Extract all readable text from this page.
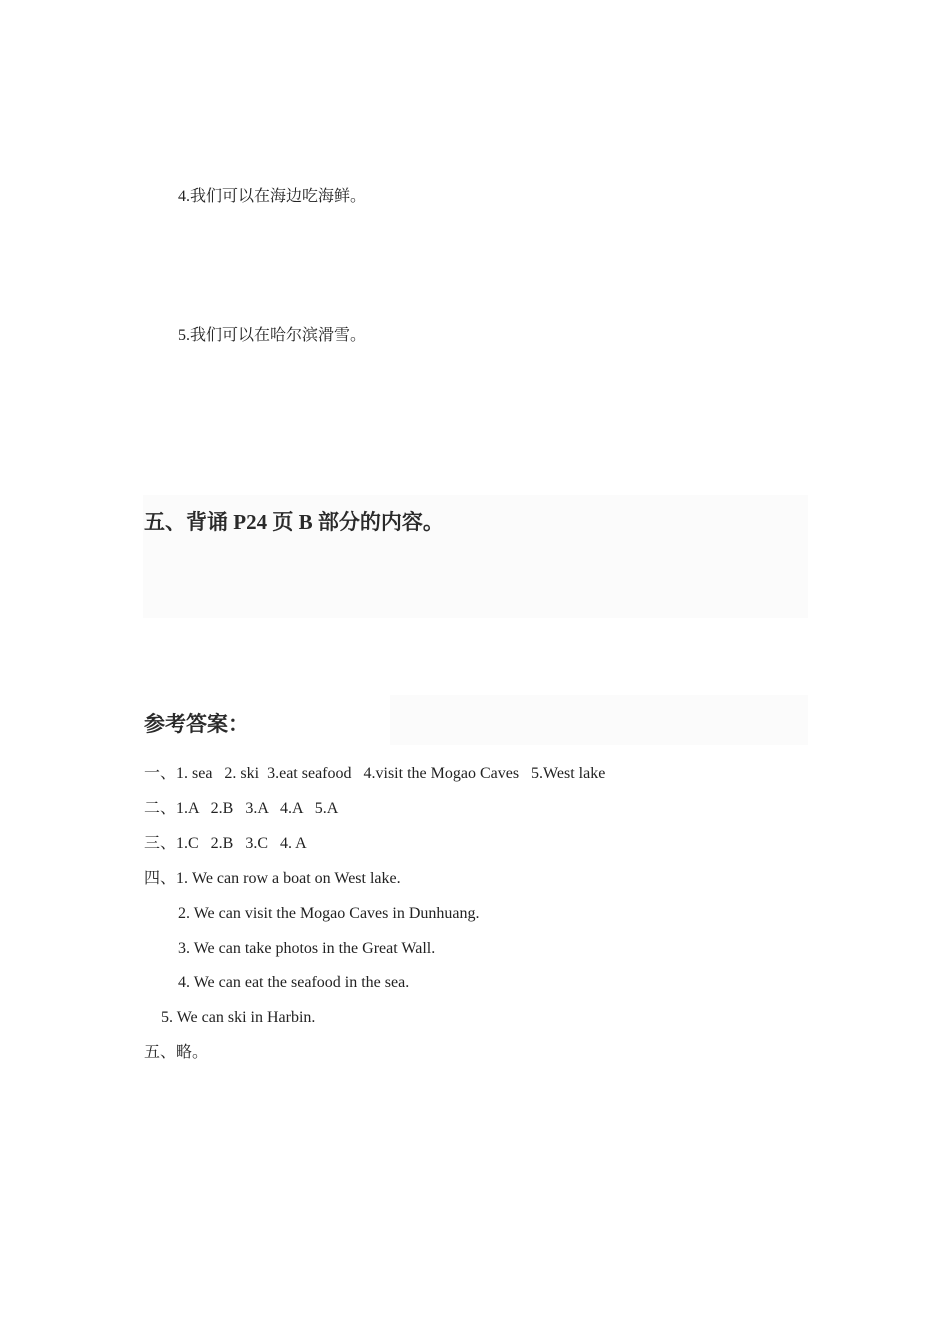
4.我们可以在海边吃海鲜。
5.我们可以在哈尔滨滑雪。
五、背诵 P24 页 B 部分的内容。
参考答案：
一、1. sea   2. ski  3.eat seafood   4.visit the Mogao Caves   5.West lake
二、1.A   2.B   3.A   4.A   5.A
三、1.C   2.B   3.C   4. A
四、1. We can row a boat on West lake.
2. We can visit the Mogao Caves in Dunhuang.
3. We can take photos in the Great Wall.
4. We can eat the seafood in the sea.
5. We can ski in Harbin.
五、略。
